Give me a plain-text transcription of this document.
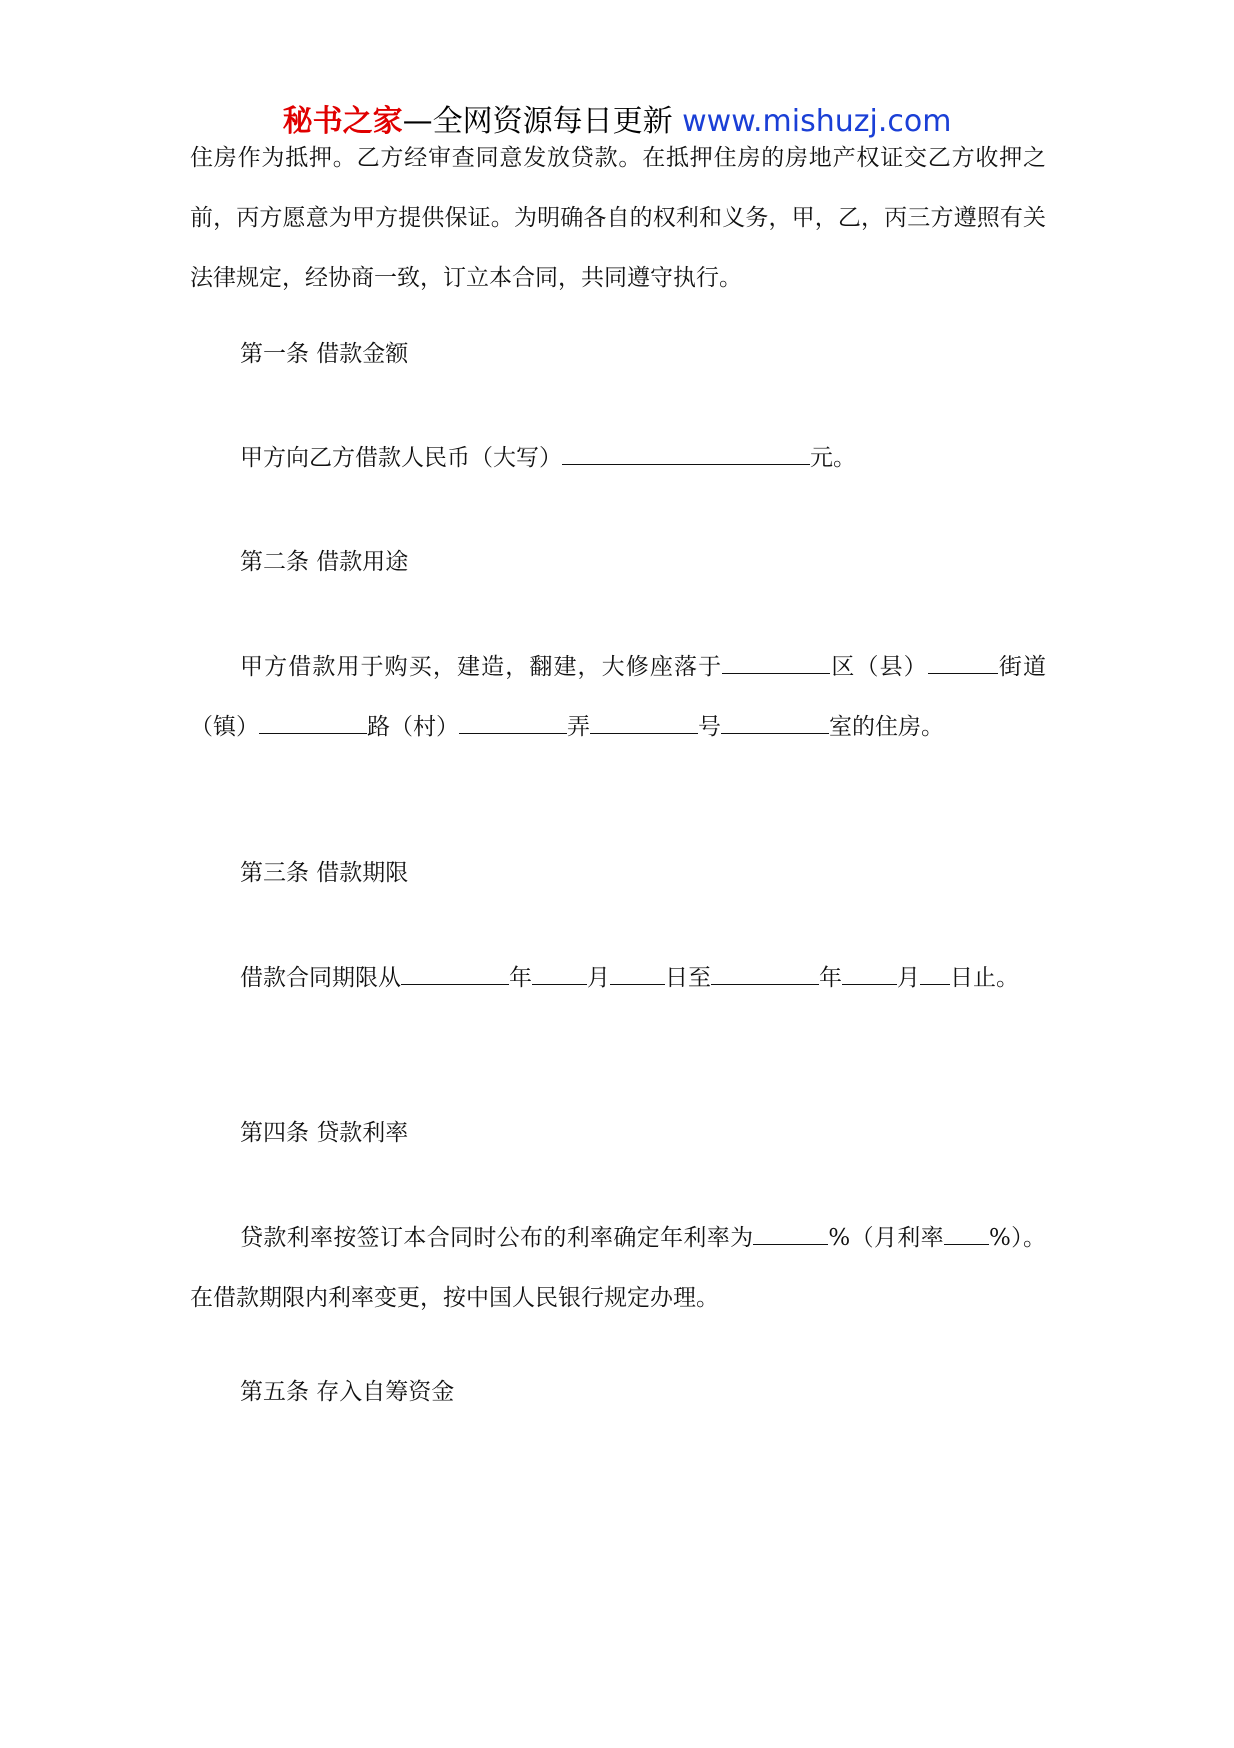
秘书之家—全网资源每日更新 www.mishuzj.com

住房作为抵押。乙方经审查同意发放贷款。在抵押住房的房地产权证交乙方收押之前，丙方愿意为甲方提供保证。为明确各自的权利和义务，甲，乙，丙三方遵照有关法律规定，经协商一致，订立本合同，共同遵守执行。

第一条 借款金额

甲方向乙方借款人民币（大写）	元。

第二条 借款用途

甲方借款用于购买，建造，翻建，大修座落于	区（县）	街道（镇）	路（村）	弄	号	室的住房。

第三条 借款期限

借款合同期限从	年 月 日至	年 月 日止。

第四条 贷款利率

贷款利率按签订本合同时公布的利率确定年利率为	%（月利率 %）。在借款期限内利率变更，按中国人民银行规定办理。

第五条 存入自筹资金
